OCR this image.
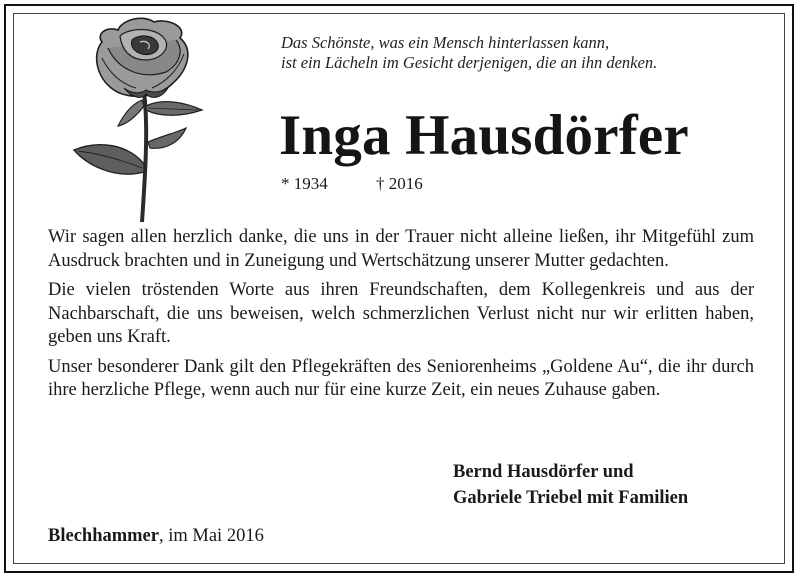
Das Schönste, was ein Mensch hinterlassen kann,
ist ein Lächeln im Gesicht derjenigen, die an ihn denken.
Inga Hausdörfer
* 1934	† 2016

Wir sagen allen herzlich danke, die uns in der Trauer nicht alleine ließen, ihr Mitgefühl zum Ausdruck brachten und in Zuneigung und Wertschätzung unserer Mutter gedachten.

Die vielen tröstenden Worte aus ihren Freundschaften, dem Kollegenkreis und aus der Nachbarschaft, die uns beweisen, welch schmerzlichen Verlust nicht nur wir erlitten haben, geben uns Kraft.

Unser besonderer Dank gilt den Pflegekräften des Seniorenheims „Goldene Au“, die ihr durch ihre herzliche Pflege, wenn auch nur für eine kurze Zeit, ein neues Zuhause gaben.

Bernd Hausdörfer und
Gabriele Triebel mit Familien
Blechhammer, im Mai 2016
